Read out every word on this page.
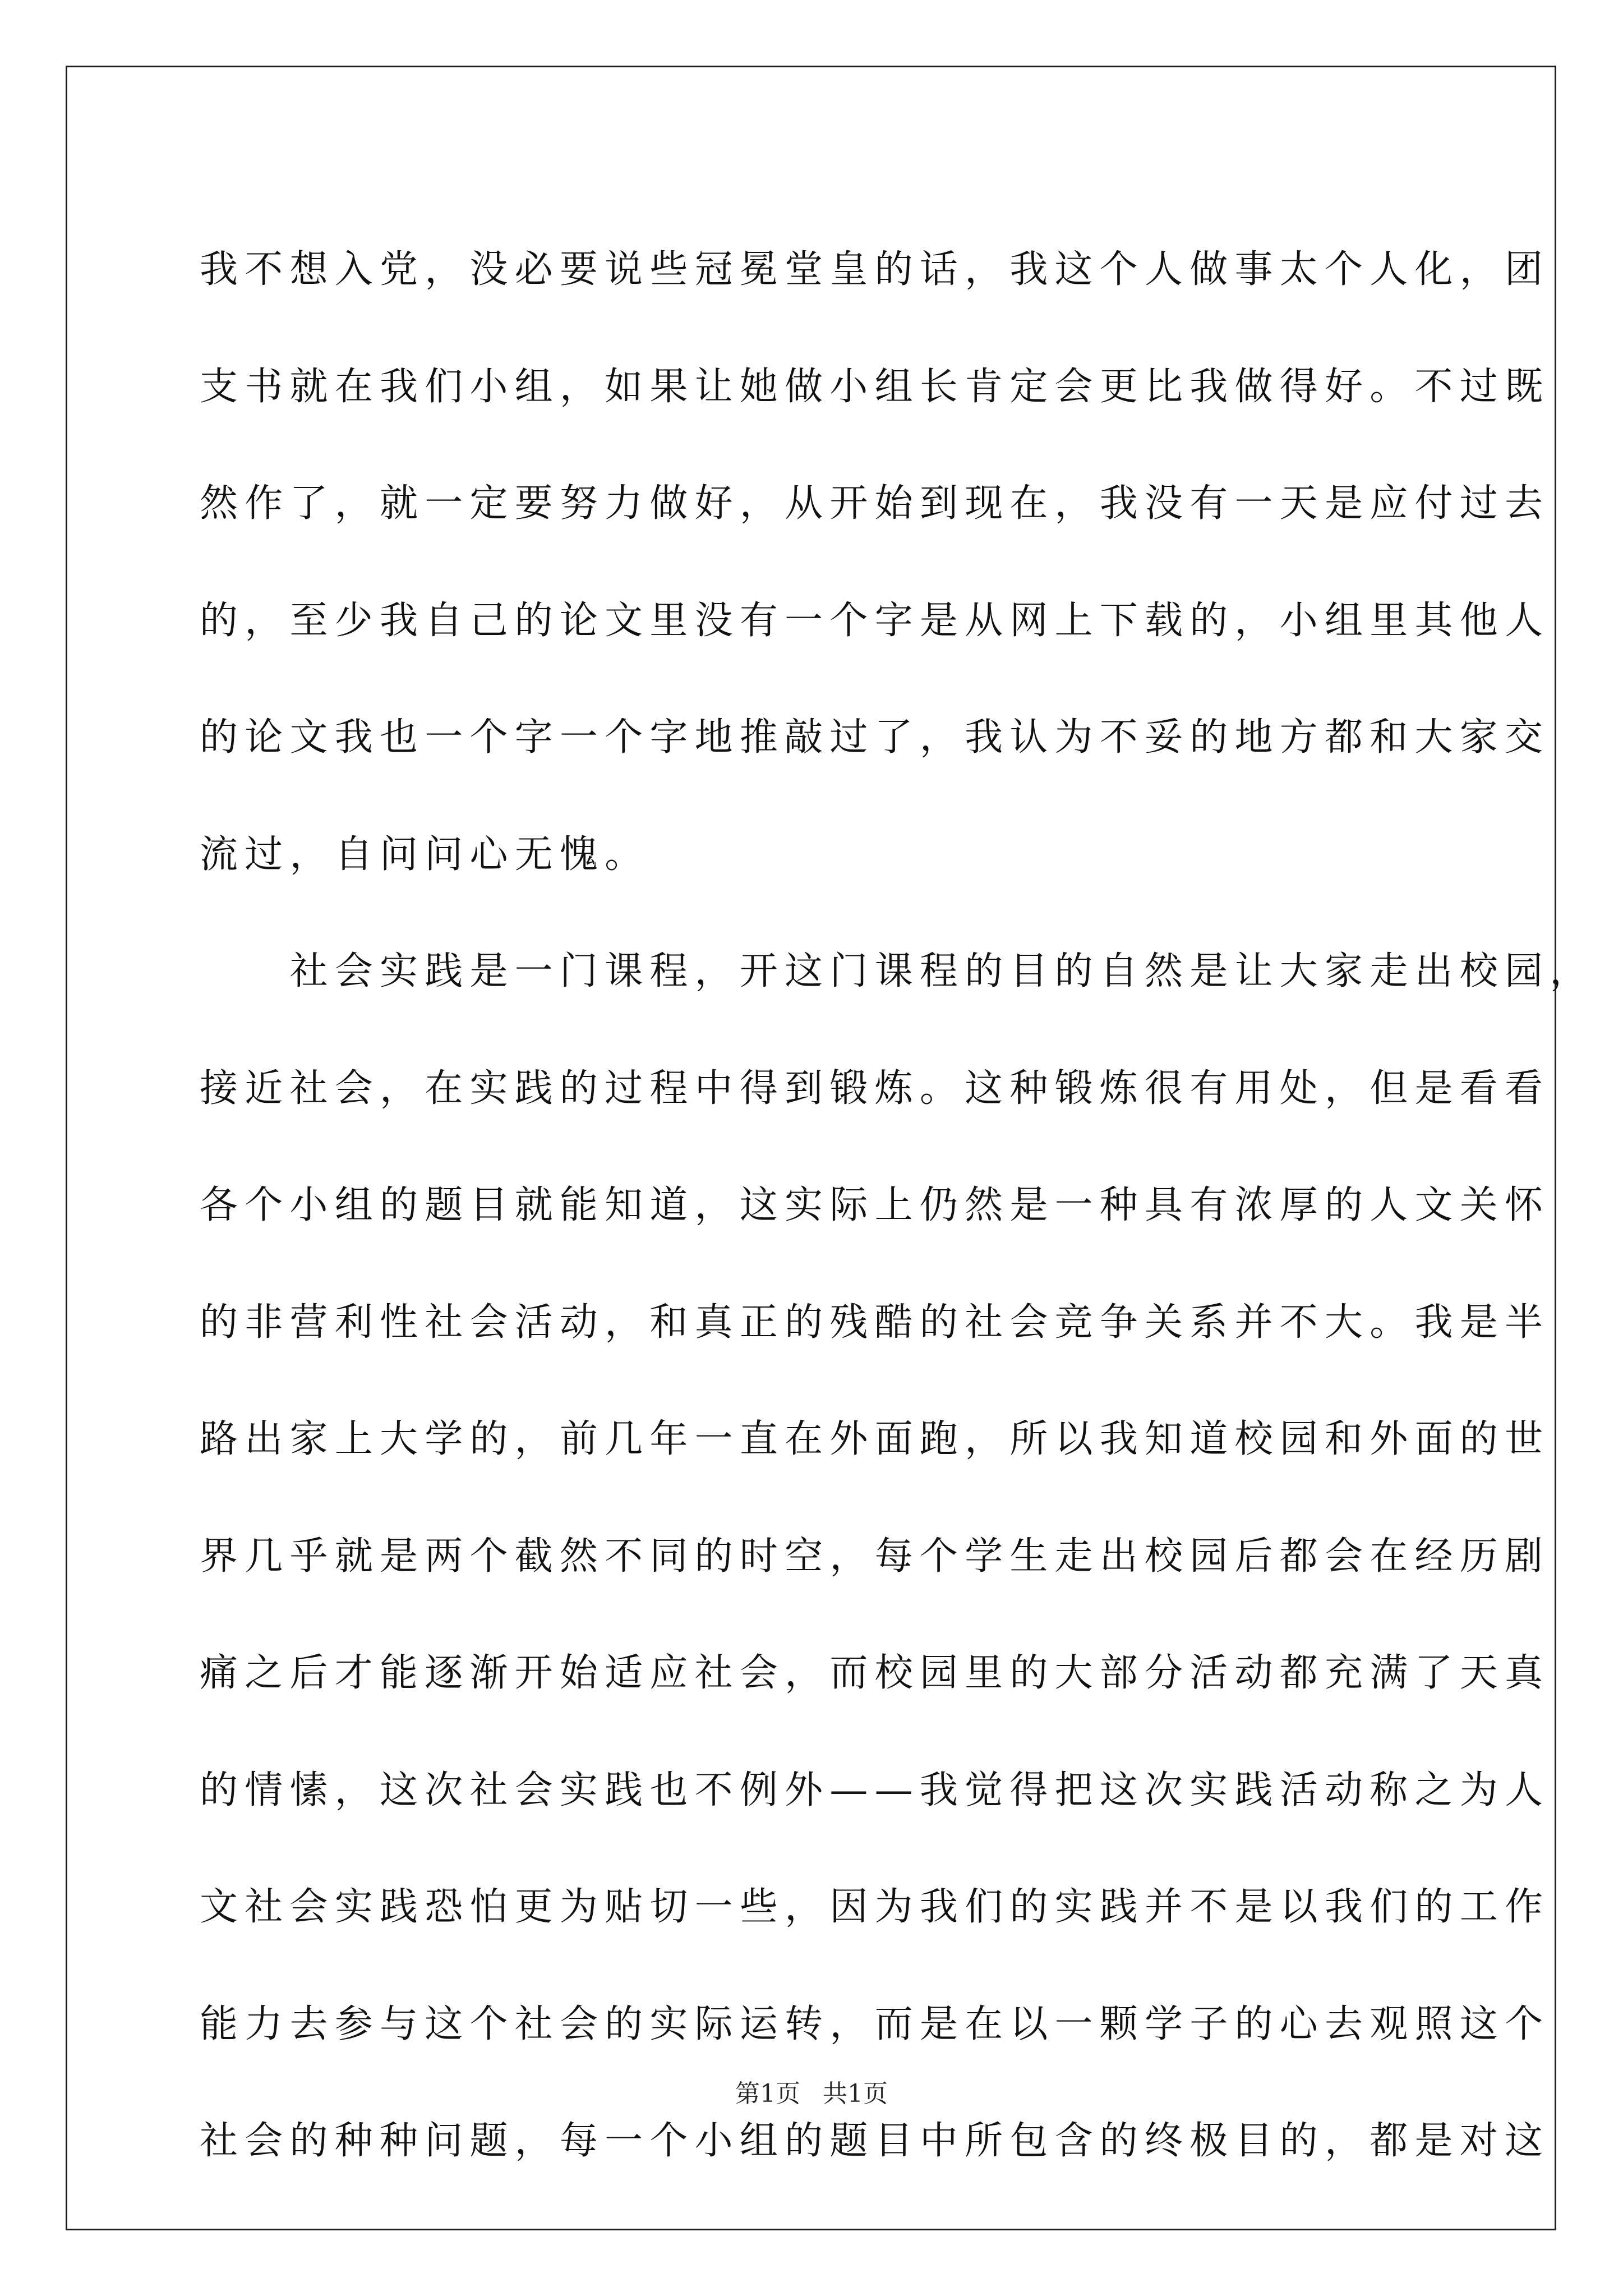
我不想入党，没必要说些冠冕堂皇的话，我这个人做事太个人化，团
支书就在我们小组，如果让她做小组长肯定会更比我做得好。不过既
然作了，就一定要努力做好，从开始到现在，我没有一天是应付过去
的，至少我自己的论文里没有一个字是从网上下载的，小组里其他人
的论文我也一个字一个字地推敲过了，我认为不妥的地方都和大家交
流过，自问问心无愧。
　　社会实践是一门课程，开这门课程的目的自然是让大家走出校园，
接近社会，在实践的过程中得到锻炼。这种锻炼很有用处，但是看看
各个小组的题目就能知道，这实际上仍然是一种具有浓厚的人文关怀
的非营利性社会活动，和真正的残酷的社会竞争关系并不大。我是半
路出家上大学的，前几年一直在外面跑，所以我知道校园和外面的世
界几乎就是两个截然不同的时空，每个学生走出校园后都会在经历剧
痛之后才能逐渐开始适应社会，而校园里的大部分活动都充满了天真
的情愫，这次社会实践也不例外——我觉得把这次实践活动称之为人
文社会实践恐怕更为贴切一些，因为我们的实践并不是以我们的工作
能力去参与这个社会的实际运转，而是在以一颗学子的心去观照这个
社会的种种问题，每一个小组的题目中所包含的终极目的，都是对这
第1页 共1页
